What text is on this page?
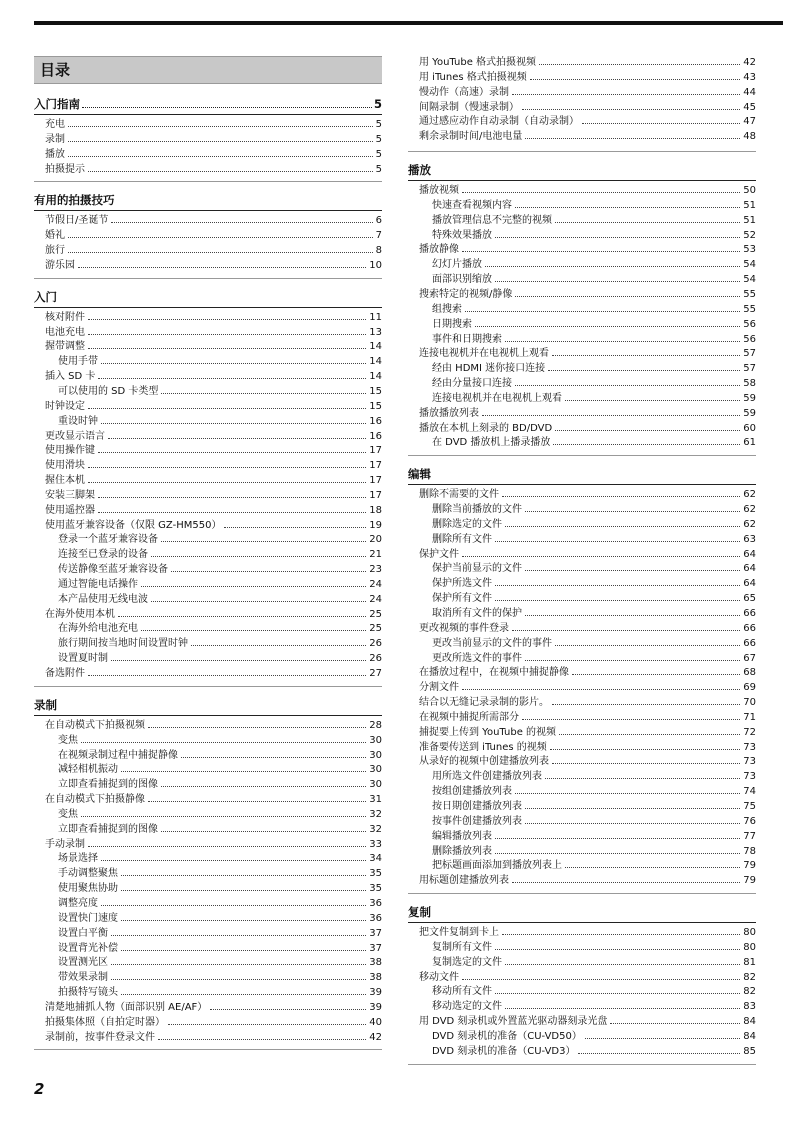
目录
入门指南	5
充电	5
录制	5
播放	5
拍摄提示	5
有用的拍摄技巧
节假日/圣诞节	6
婚礼	7
旅行	8
游乐园	10
入门
核对附件	11
电池充电	13
握带调整	14
使用手带	14
插入 SD 卡	14
可以使用的 SD 卡类型	15
时钟设定	15
重设时钟	16
更改显示语言	16
使用操作键	17
使用滑块	17
握住本机	17
安装三脚架	17
使用遥控器	18
使用蓝牙兼容设备（仅限 GZ-HM550）	19
登录一个蓝牙兼容设备	20
连接至已登录的设备	21
传送静像至蓝牙兼容设备	23
通过智能电话操作	24
本产品使用无线电波	24
在海外使用本机	25
在海外给电池充电	25
旅行期间按当地时间设置时钟	26
设置夏时制	26
备选附件	27
录制
在自动模式下拍摄视频	28
变焦	30
在视频录制过程中捕捉静像	30
减轻相机振动	30
立即查看捕捉到的图像	30
在自动模式下拍摄静像	31
变焦	32
立即查看捕捉到的图像	32
手动录制	33
场景选择	34
手动调整聚焦	35
使用聚焦协助	35
调整亮度	36
设置快门速度	36
设置白平衡	37
设置背光补偿	37
设置测光区	38
带效果录制	38
拍摄特写镜头	39
清楚地捕抓人物（面部识别 AE/AF）	39
拍摄集体照（自拍定时器）	40
录制前，按事件登录文件	42
用 YouTube 格式拍摄视频	42
用 iTunes 格式拍摄视频	43
慢动作（高速）录制	44
间隔录制（慢速录制）	45
通过感应动作自动录制（自动录制）	47
剩余录制时间/电池电量	48
播放
播放视频	50
快速查看视频内容	51
播放管理信息不完整的视频	51
特殊效果播放	52
播放静像	53
幻灯片播放	54
面部识别缩放	54
搜索特定的视频/静像	55
组搜索	55
日期搜索	56
事件和日期搜索	56
连接电视机并在电视机上观看	57
经由 HDMI 迷你接口连接	57
经由分量接口连接	58
连接电视机并在电视机上观看	59
播放播放列表	59
播放在本机上刻录的 BD/DVD	60
在 DVD 播放机上播录播放	61
编辑
删除不需要的文件	62
删除当前播放的文件	62
删除选定的文件	62
删除所有文件	63
保护文件	64
保护当前显示的文件	64
保护所选文件	64
保护所有文件	65
取消所有文件的保护	66
更改视频的事件登录	66
更改当前显示的文件的事件	66
更改所选文件的事件	67
在播放过程中，在视频中捕捉静像	68
分割文件	69
结合以无缝记录录制的影片。	70
在视频中捕捉所需部分	71
捕捉要上传到 YouTube 的视频	72
准备要传送到 iTunes 的视频	73
从录好的视频中创建播放列表	73
用所选文件创建播放列表	73
按组创建播放列表	74
按日期创建播放列表	75
按事件创建播放列表	76
编辑播放列表	77
删除播放列表	78
把标题画面添加到播放列表上	79
用标题创建播放列表	79
复制
把文件复制到卡上	80
复制所有文件	80
复制选定的文件	81
移动文件	82
移动所有文件	82
移动选定的文件	83
用 DVD 刻录机或外置蓝光驱动器刻录光盘	84
DVD 刻录机的准备（CU-VD50）	84
DVD 刻录机的准备（CU-VD3）	85
2
